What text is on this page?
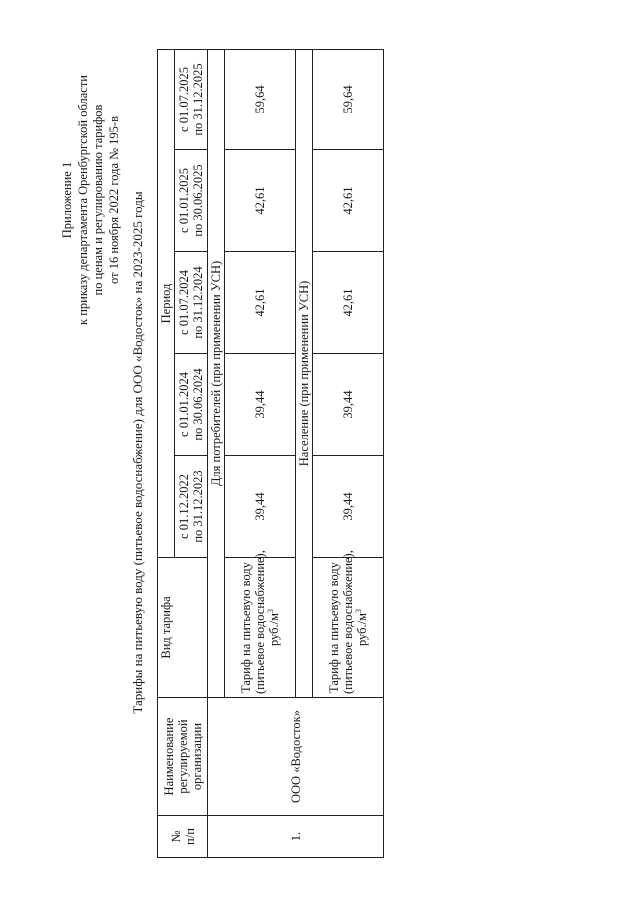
Приложение 1 к приказу департамента Оренбургской области по ценам и регулированию тарифов от 16 ноября 2022 года № 195-в Тарифы на питьевую воду (питьевое водоснабжение) для ООО «Водосток» на 2023-2025 годы
№ п/п	Наименование регулируемой организации	Вид тарифа	Период				

			с 01.12.2022 по 31.12.2023	с 01.01.2024 по 30.06.2024	с 01.07.2024 по 31.12.2024	с 01.01.2025 по 30.06.2025	с 01.07.2025 по 31.12.2025

1.	ООО «Водосток»	Для потребителей (при применении УСН)					

		Тариф на питьевую воду (питьевое водоснабжение), $руб./м^3$	39,44	39,44	42,61	42,61	59,64
		Население (при применении УСН)					

		Тариф на питьевую воду (питьевое водоснабжение), $руб./м^3$	39,44	39,44	42,61	42,61	59,64
